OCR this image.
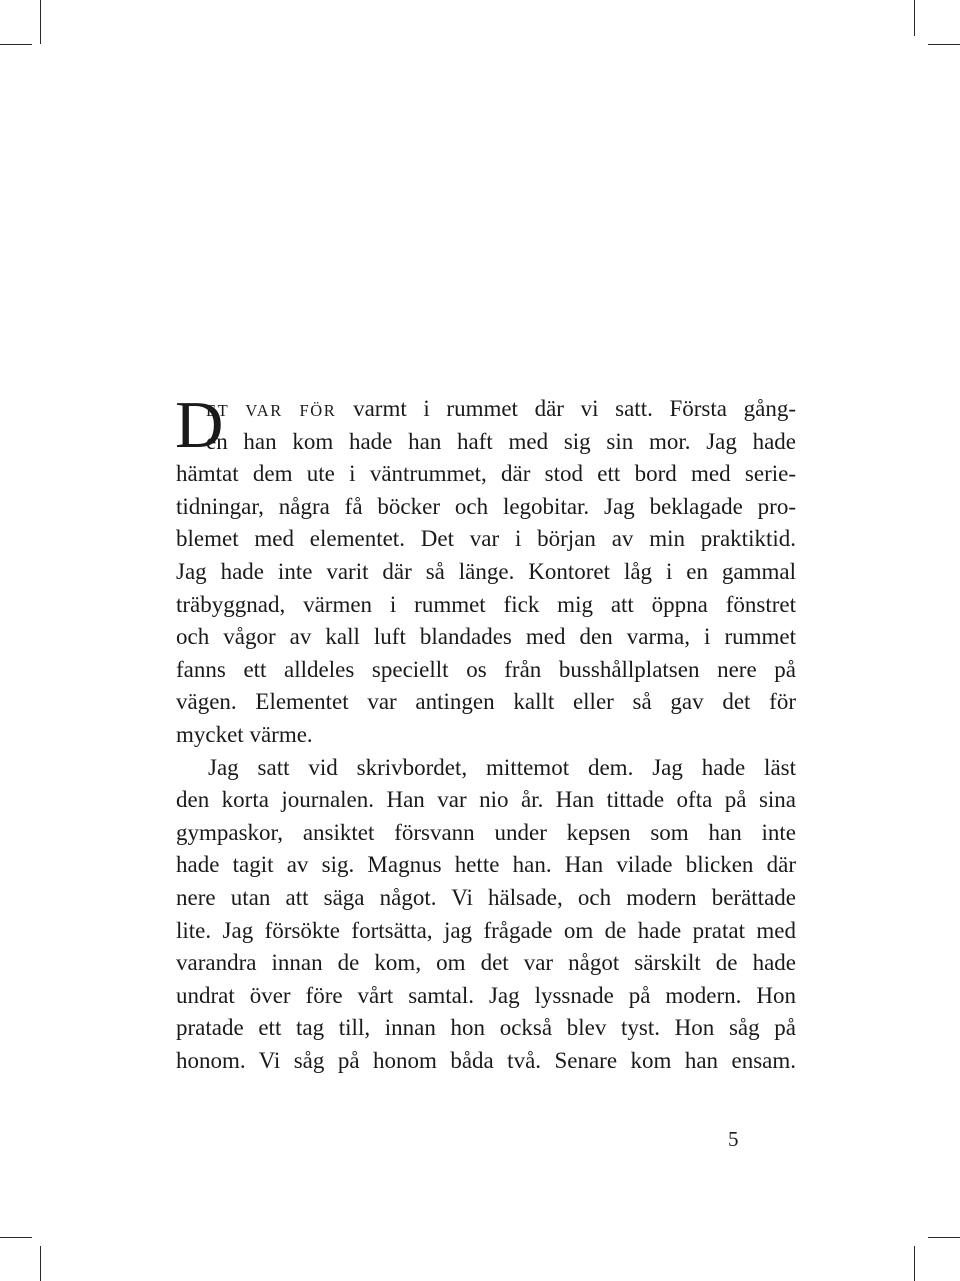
D
ET VAR FÖR varmt i rummet där vi satt. Första gång-
en han kom hade han haft med sig sin mor. Jag hade
hämtat dem ute i väntrummet, där stod ett bord med serie-
tidningar, några få böcker och legobitar. Jag beklagade pro-
blemet med elementet. Det var i början av min praktiktid.
Jag hade inte varit där så länge. Kontoret låg i en gammal
träbyggnad, värmen i rummet fick mig att öppna fönstret
och vågor av kall luft blandades med den varma, i rummet
fanns ett alldeles speciellt os från busshållplatsen nere på
vägen. Elementet var antingen kallt eller så gav det för
mycket värme.
Jag satt vid skrivbordet, mittemot dem. Jag hade läst
den korta journalen. Han var nio år. Han tittade ofta på sina
gympaskor, ansiktet försvann under kepsen som han inte
hade tagit av sig. Magnus hette han. Han vilade blicken där
nere utan att säga något. Vi hälsade, och modern berättade
lite. Jag försökte fortsätta, jag frågade om de hade pratat med
varandra innan de kom, om det var något särskilt de hade
undrat över före vårt samtal. Jag lyssnade på modern. Hon
pratade ett tag till, innan hon också blev tyst. Hon såg på
honom. Vi såg på honom båda två. Senare kom han ensam.
5
